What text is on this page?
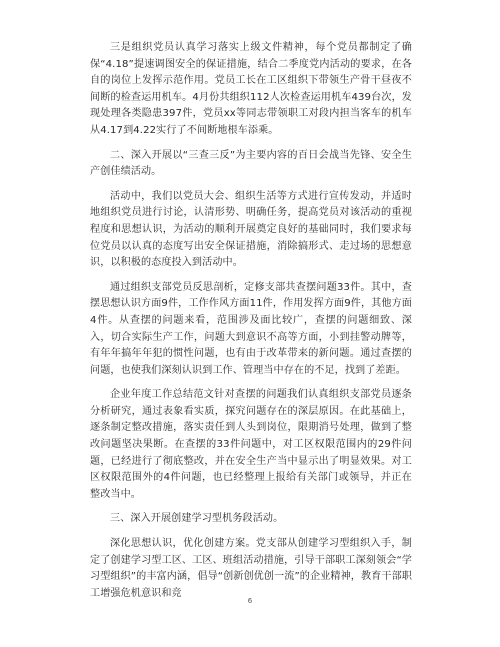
三是组织党员认真学习落实上级文件精神，每个党员都制定了确保“4.18”提速调图安全的保证措施，结合二季度党内活动的要求，在各自的岗位上发挥示范作用。党员工长在工区组织下带领生产骨干昼夜不间断的检查运用机车。4月份共组织112人次检查运用机车439台次，发现处理各类隐患397件，党员xx等同志带领职工对段内担当客车的机车从4.17到4.22实行了不间断地根车添乘。

二、深入开展以“三查三反”为主要内容的百日会战当先锋、安全生产创佳绩活动。

活动中，我们以党员大会、组织生活等方式进行宣传发动，并适时地组织党员进行讨论，认清形势、明确任务，提高党员对该活动的重视程度和思想认识，为活动的顺利开展奠定良好的基础同时，我们要求每位党员以认真的态度写出安全保证措施，消除搞形式、走过场的思想意识，以积极的态度投入到活动中。

通过组织支部党员反思剖析，定修支部共查摆问题33件。其中，查摆思想认识方面9件，工作作风方面11件，作用发挥方面9件，其他方面4件。从查摆的问题来看，范围涉及面比较广，查摆的问题细致、深入，切合实际生产工作，问题大到意识不高等方面，小到挂警动牌等，有年年搞年年犯的惯性问题，也有由于改革带来的新问题。通过查摆的问题，也使我们深刻认识到工作、管理当中存在的不足，找到了差距。

企业年度工作总结范文针对查摆的问题我们认真组织支部党员逐条分析研究，通过表象看实质，探究问题存在的深层原因。在此基础上，逐条制定整改措施，落实责任到人头到岗位，限期消号处理，做到了整改问题坚决果断。在查摆的33件问题中，对工区权限范围内的29件问题，已经进行了彻底整改，并在安全生产当中显示出了明显效果。对工区权限范围外的4件问题，也已经整理上报给有关部门或领导，并正在整改当中。

三、深入开展创建学习型机务段活动。

深化思想认识，优化创建方案。党支部从创建学习型组织入手，制定了创建学习型工区、工区、班组活动措施，引导干部职工深刻领会“学习型组织”的丰富内涵，倡导“创新创优创一流”的企业精神，教育干部职工增强危机意识和竞

6
